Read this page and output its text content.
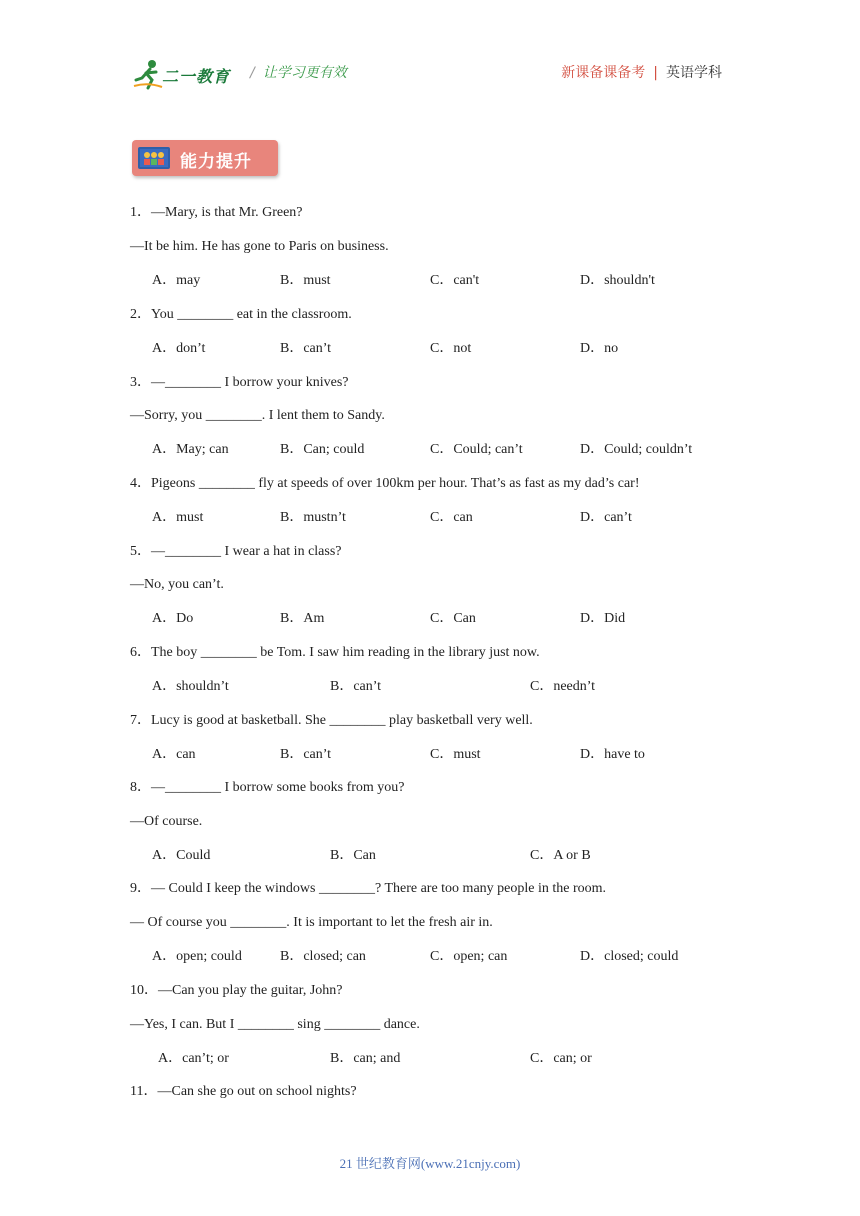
二一教育 / 让学习更有效	新课备课备考 | 英语学科
能力提升
1．—Mary, is that Mr. Green?
—It be him. He has gone to Paris on business.
A．may	B．must	C．can't	D．shouldn't
2．You ________ eat in the classroom.
A．don’t	B．can’t	C．not	D．no
3．—________ I borrow your knives?
—Sorry, you ________. I lent them to Sandy.
A．May; can	B．Can; could	C．Could; can’t	D．Could; couldn’t
4．Pigeons ________ fly at speeds of over 100km per hour. That’s as fast as my dad’s car!
A．must	B．mustn’t	C．can	D．can’t
5．—________ I wear a hat in class?
—No, you can’t.
A．Do	B．Am	C．Can	D．Did
6．The boy ________ be Tom. I saw him reading in the library just now.
A．shouldn’t	B．can’t	C．needn’t
7．Lucy is good at basketball. She ________ play basketball very well.
A．can	B．can’t	C．must	D．have to
8．—________ I borrow some books from you?
—Of course.
A．Could	B．Can	C．A or B
9．— Could I keep the windows ________? There are too many people in the room.
— Of course you ________. It is important to let the fresh air in.
A．open; could	B．closed; can	C．open; can	D．closed; could
10．—Can you play the guitar, John?
—Yes, I can. But I ________ sing ________ dance.
A．can’t; or	B．can; and	C．can; or
11．—Can she go out on school nights?
21 世纪教育网(www.21cnjy.com)
